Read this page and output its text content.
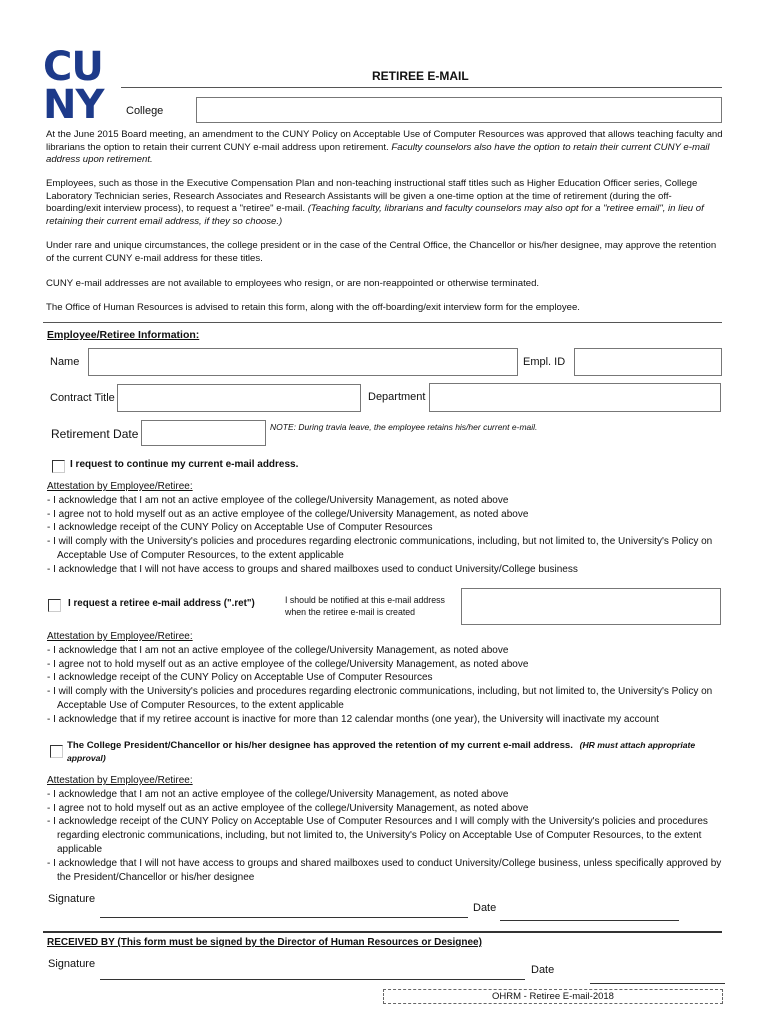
CU
NY
RETIREE E-MAIL
College
At the June 2015 Board meeting, an amendment to the CUNY Policy on Acceptable Use of Computer Resources was approved that allows teaching faculty and librarians the option to retain their current CUNY e-mail address upon retirement. Faculty counselors also have the option to retain their current CUNY e-mail address upon retirement.
Employees, such as those in the Executive Compensation Plan and non-teaching instructional staff titles such as Higher Education Officer series, College Laboratory Technician series, Research Associates and Research Assistants will be given a one-time option at the time of retirement (during the off-boarding/exit interview process), to request a "retiree" e-mail. (Teaching faculty, librarians and faculty counselors may also opt for a "retiree email", in lieu of retaining their current email address, if they so choose.)
Under rare and unique circumstances, the college president or in the case of the Central Office, the Chancellor or his/her designee, may approve the retention of the current CUNY e-mail address for these titles.
CUNY e-mail addresses are not available to employees who resign, or are non-reappointed or otherwise terminated.
The Office of Human Resources is advised to retain this form, along with the off-boarding/exit interview form for the employee.
Employee/Retiree Information:
Name	Empl. ID
Contract Title	Department
Retirement Date	NOTE: During travia leave, the employee retains his/her current e-mail.
I request to continue my current e-mail address.
Attestation by Employee/Retiree:
- I acknowledge that I am not an active employee of the college/University Management, as noted above
- I agree not to hold myself out as an active employee of the college/University Management, as noted above
- I acknowledge receipt of the CUNY Policy on Acceptable Use of Computer Resources
- I will comply with the University's policies and procedures regarding electronic communications, including, but not limited to, the University's Policy on Acceptable Use of Computer Resources, to the extent applicable
- I acknowledge that I will not have access to groups and shared mailboxes used to conduct University/College business
I request a retiree e-mail address (".ret")	I should be notified at this e-mail address when the retiree e-mail is created
Attestation by Employee/Retiree:
- I acknowledge that I am not an active employee of the college/University Management, as noted above
- I agree not to hold myself out as an active employee of the college/University Management, as noted above
- I acknowledge receipt of the CUNY Policy on Acceptable Use of Computer Resources
- I will comply with the University's policies and procedures regarding electronic communications, including, but not limited to, the University's Policy on Acceptable Use of Computer Resources, to the extent applicable
- I acknowledge that if my retiree account is inactive for more than 12 calendar months (one year), the University will inactivate my account
The College President/Chancellor or his/her designee has approved the retention of my current e-mail address. (HR must attach appropriate approval)
Attestation by Employee/Retiree:
- I acknowledge that I am not an active employee of the college/University Management, as noted above
- I agree not to hold myself out as an active employee of the college/University Management, as noted above
- I acknowledge receipt of the CUNY Policy on Acceptable Use of Computer Resources and I will comply with the University's policies and procedures regarding electronic communications, including, but not limited to, the University's Policy on Acceptable Use of Computer Resources, to the extent applicable
- I acknowledge that I will not have access to groups and shared mailboxes used to conduct University/College business, unless specifically approved by the President/Chancellor or his/her designee
Signature
Date
RECEIVED BY (This form must be signed by the Director of Human Resources or Designee)
Signature	Date
OHRM - Retiree E-mail-2018
